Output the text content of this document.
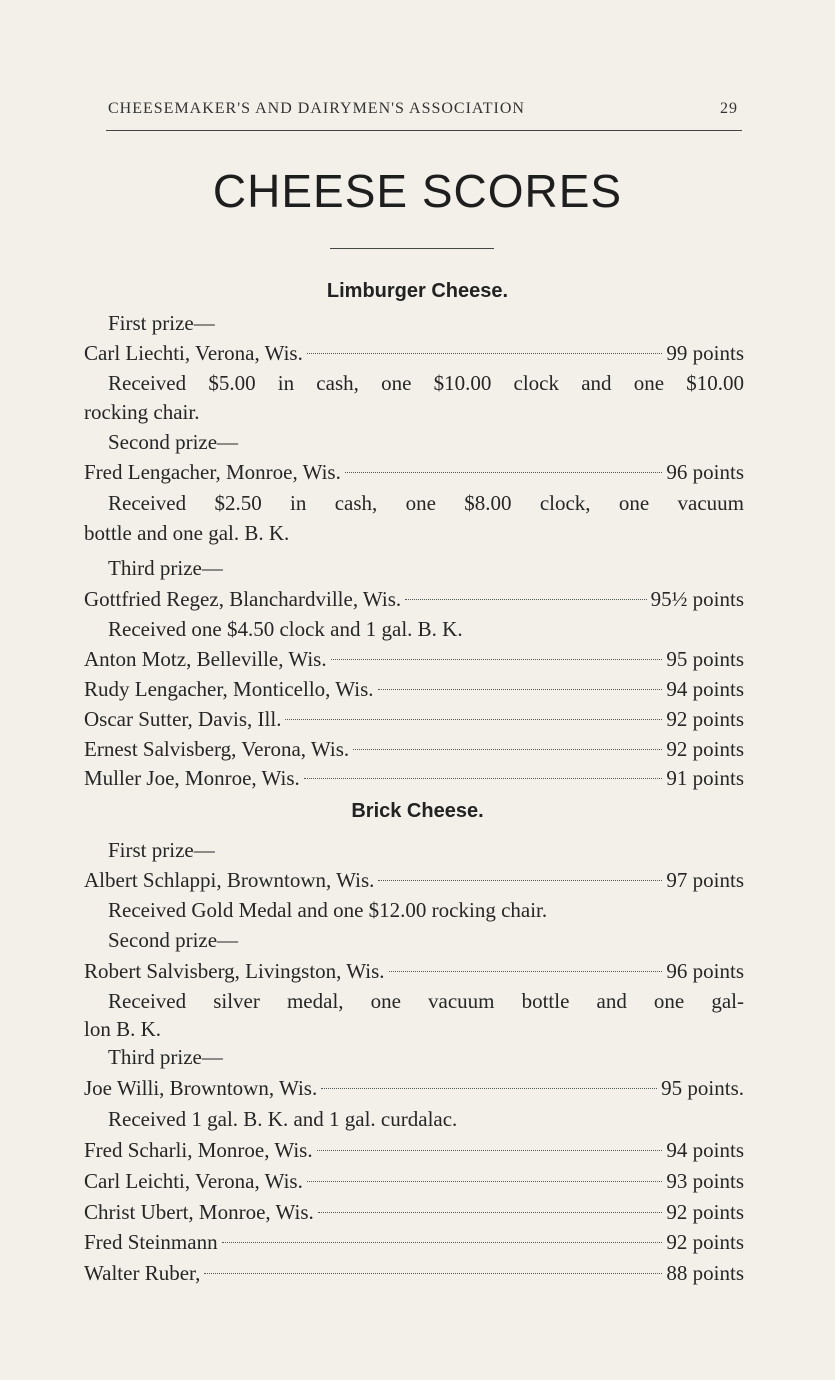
CHEESEMAKER'S AND DAIRYMEN'S ASSOCIATION	29
CHEESE SCORES
Limburger Cheese.
First prize—
Carl Liechti, Verona, Wis.	99 points
Received $5.00 in cash, one $10.00 clock and one $10.00
rocking chair.
Second prize—
Fred Lengacher, Monroe, Wis.	96 points
Received $2.50 in cash, one $8.00 clock, one vacuum
bottle and one gal. B. K.
Third prize—
Gottfried Regez, Blanchardville, Wis.	95½ points
Received one $4.50 clock and 1 gal. B. K.
Anton Motz, Belleville, Wis.	95 points
Rudy Lengacher, Monticello, Wis.	94 points
Oscar Sutter, Davis, Ill.	92 points
Ernest Salvisberg, Verona, Wis.	92 points
Muller Joe, Monroe, Wis.	91 points
Brick Cheese.
First prize—
Albert Schlappi, Browntown, Wis.	97 points
Received Gold Medal and one $12.00 rocking chair.
Second prize—
Robert Salvisberg, Livingston, Wis.	96 points
Received silver medal, one vacuum bottle and one gal-
lon B. K.
Third prize—
Joe Willi, Browntown, Wis.	95 points.
Received 1 gal. B. K. and 1 gal. curdalac.
Fred Scharli, Monroe, Wis.	94 points
Carl Leichti, Verona, Wis.	93 points
Christ Ubert, Monroe, Wis.	92 points
Fred Steinmann	92 points
Walter Ruber,	88 points
